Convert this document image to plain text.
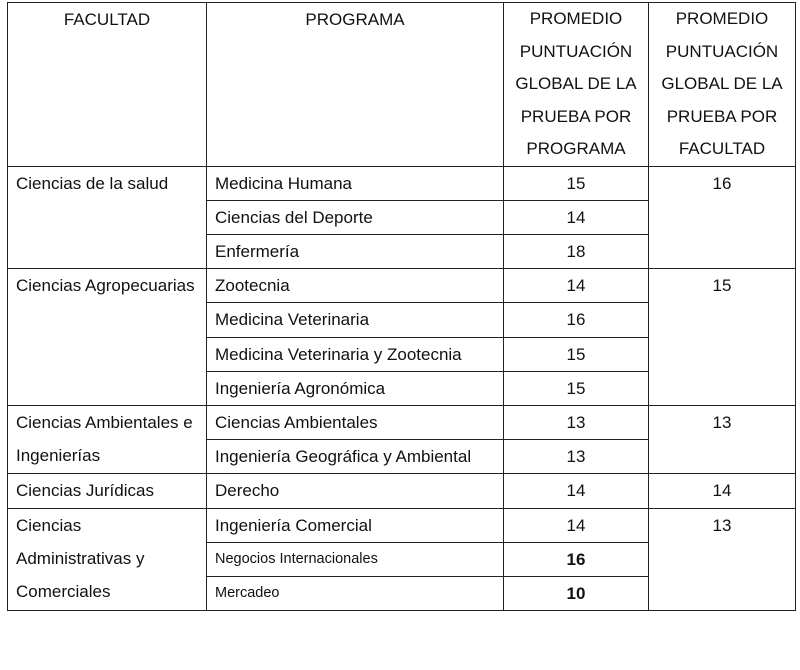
FACULTAD	PROGRAMA	PROMEDIO PUNTUACIÓN GLOBAL DE LA PRUEBA POR PROGRAMA	PROMEDIO PUNTUACIÓN GLOBAL DE LA PRUEBA POR FACULTAD
Ciencias de la salud	Medicina Humana	15	16
	Ciencias del Deporte	14	
	Enfermería	18	
Ciencias Agropecuarias	Zootecnia	14	15
	Medicina Veterinaria	16	
	Medicina Veterinaria y Zootecnia	15	
	Ingeniería Agronómica	15	
Ciencias Ambientales e Ingenierías	Ciencias Ambientales	13	13
	Ingeniería Geográfica y Ambiental	13	
Ciencias Jurídicas	Derecho	14	14
Ciencias Administrativas y Comerciales	Ingeniería Comercial	14	13
	Negocios Internacionales	16	
	Mercadeo	10	
